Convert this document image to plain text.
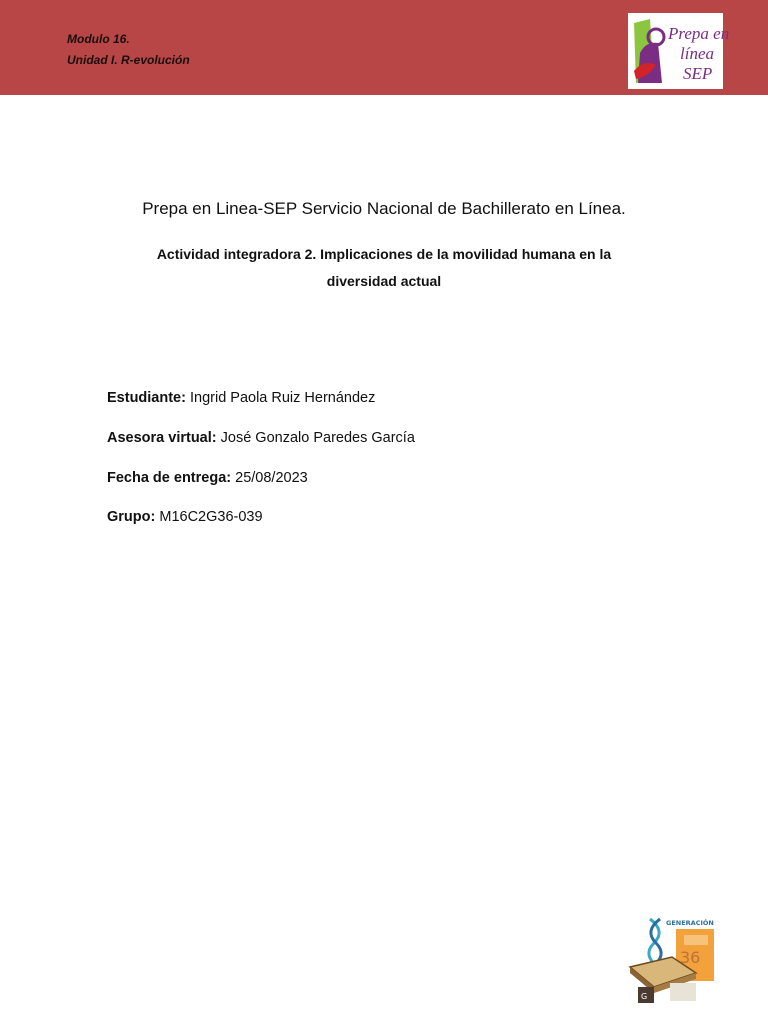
Modulo 16.
Unidad I. R-evolución
Prepa en
línea
SEP
Prepa en Linea-SEP Servicio Nacional de Bachillerato en Línea.
Actividad integradora 2. Implicaciones de la movilidad humana en la diversidad actual
Estudiante: Ingrid Paola Ruiz Hernández
Asesora virtual: José Gonzalo Paredes García
Fecha de entrega: 25/08/2023
Grupo: M16C2G36-039
G
GENERACIÓN
36
